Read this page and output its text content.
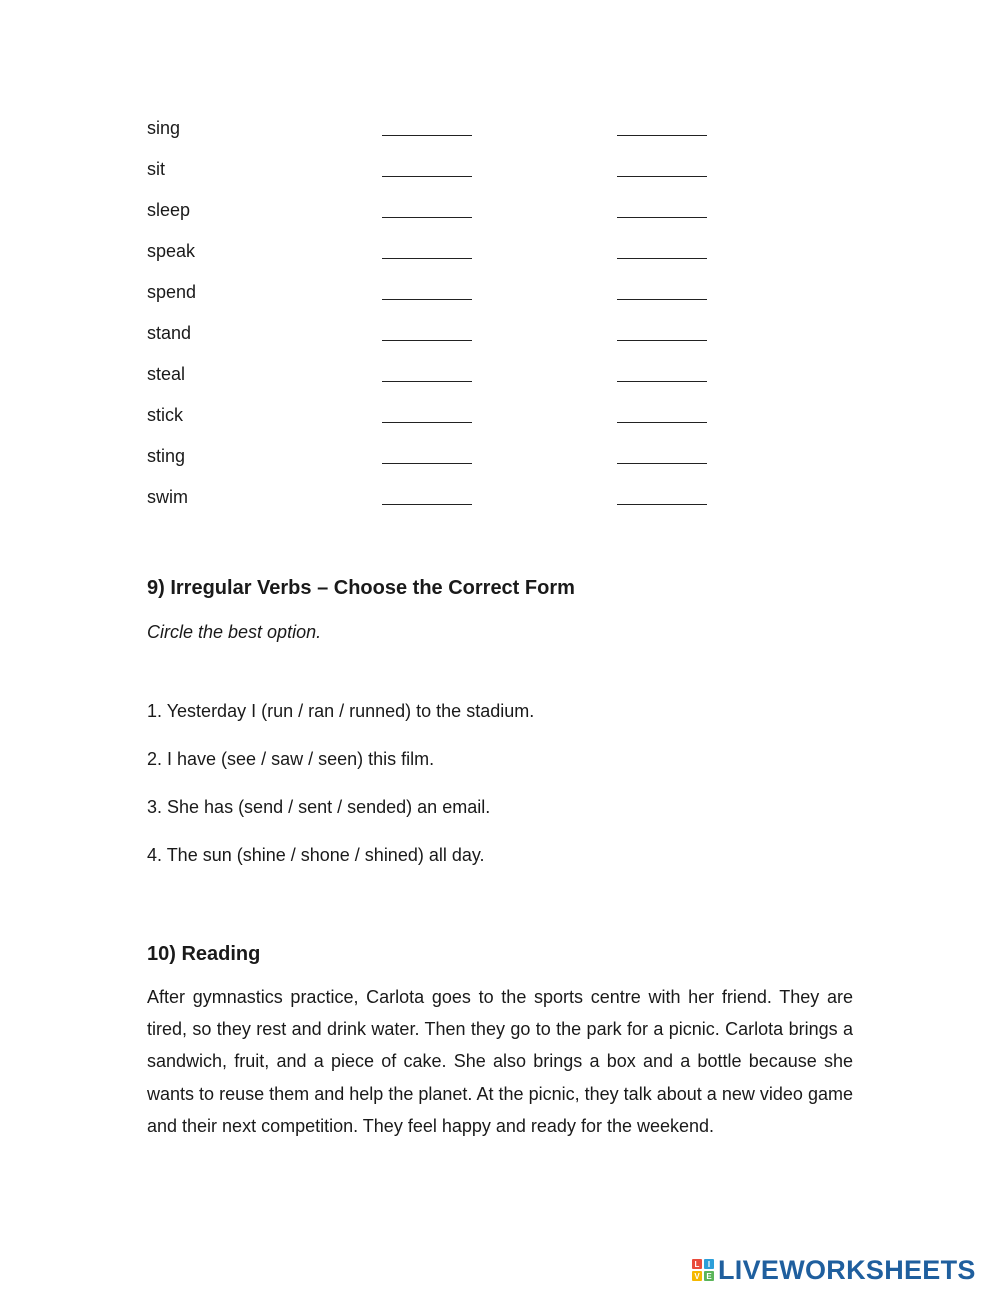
sing
sit
sleep
speak
spend
stand
steal
stick
sting
swim
9) Irregular Verbs – Choose the Correct Form
Circle the best option.
1. Yesterday I (run / ran / runned) to the stadium.
2. I have (see / saw / seen) this film.
3. She has (send / sent / sended) an email.
4. The sun (shine / shone / shined) all day.
10) Reading
After gymnastics practice, Carlota goes to the sports centre with her friend. They are tired, so they rest and drink water. Then they go to the park for a picnic. Carlota brings a sandwich, fruit, and a piece of cake. She also brings a box and a bottle because she wants to reuse them and help the planet. At the picnic, they talk about a new video game and their next competition. They feel happy and ready for the weekend.
L I
V E LIVEWORKSHEETS
